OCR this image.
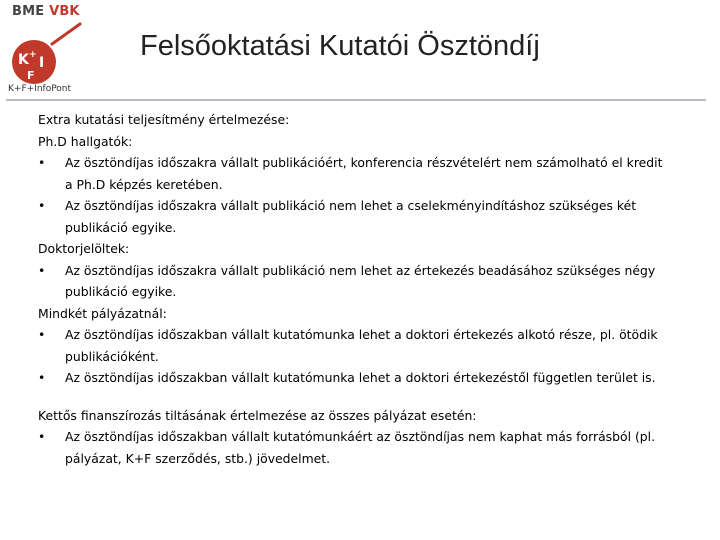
BME VBK
K + I
F
K+F+InfoPont
Felsőoktatási Kutatói Ösztöndíj
Extra kutatási teljesítmény értelmezése:
Ph.D hallgatók:
• Az ösztöndíjas időszakra vállalt publikációért, konferencia részvételért nem számolható el kredit
a Ph.D képzés keretében.
• Az ösztöndíjas időszakra vállalt publikáció nem lehet a cselekményindításhoz szükséges két
publikáció egyike.
Doktorjelöltek:
• Az ösztöndíjas időszakra vállalt publikáció nem lehet az értekezés beadásához szükséges négy
publikáció egyike.
Mindkét pályázatnál:
• Az ösztöndíjas időszakban vállalt kutatómunka lehet a doktori értekezés alkotó része, pl. ötödik
publikációként.
• Az ösztöndíjas időszakban vállalt kutatómunka lehet a doktori értekezéstől független terület is.
Kettős finanszírozás tiltásának értelmezése az összes pályázat esetén:
• Az ösztöndíjas időszakban vállalt kutatómunkáért az ösztöndíjas nem kaphat más forrásból (pl.
pályázat, K+F szerződés, stb.) jövedelmet.
